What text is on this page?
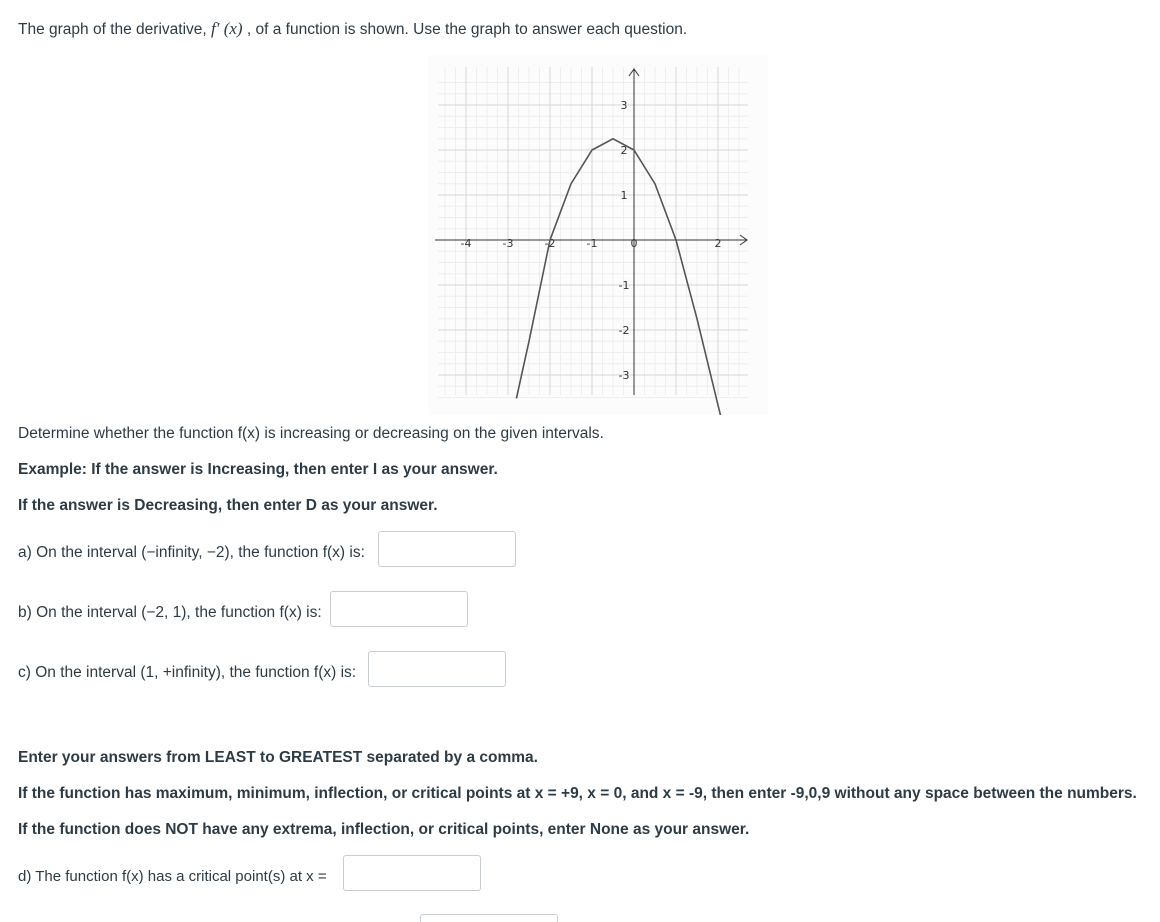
The graph of the derivative, f′ (x) , of a function is shown. Use the graph to answer each question.
-4	-3	-2	-1	0	2
3
2
1
-1
-2
-3
Determine whether the function f(x) is increasing or decreasing on the given intervals.
Example: If the answer is Increasing, then enter I as your answer.
If the answer is Decreasing, then enter D as your answer.
a) On the interval (−infinity, −2), the function f(x) is:
b) On the interval (−2, 1), the function f(x) is:
c) On the interval (1, +infinity), the function f(x) is:
Enter your answers from LEAST to GREATEST separated by a comma.
If the function has maximum, minimum, inflection, or critical points at x = +9, x = 0, and x = -9, then enter -9,0,9 without any space between the numbers.
If the function does NOT have any extrema, inflection, or critical points, enter None as your answer.
d) The function f(x) has a critical point(s) at x =
